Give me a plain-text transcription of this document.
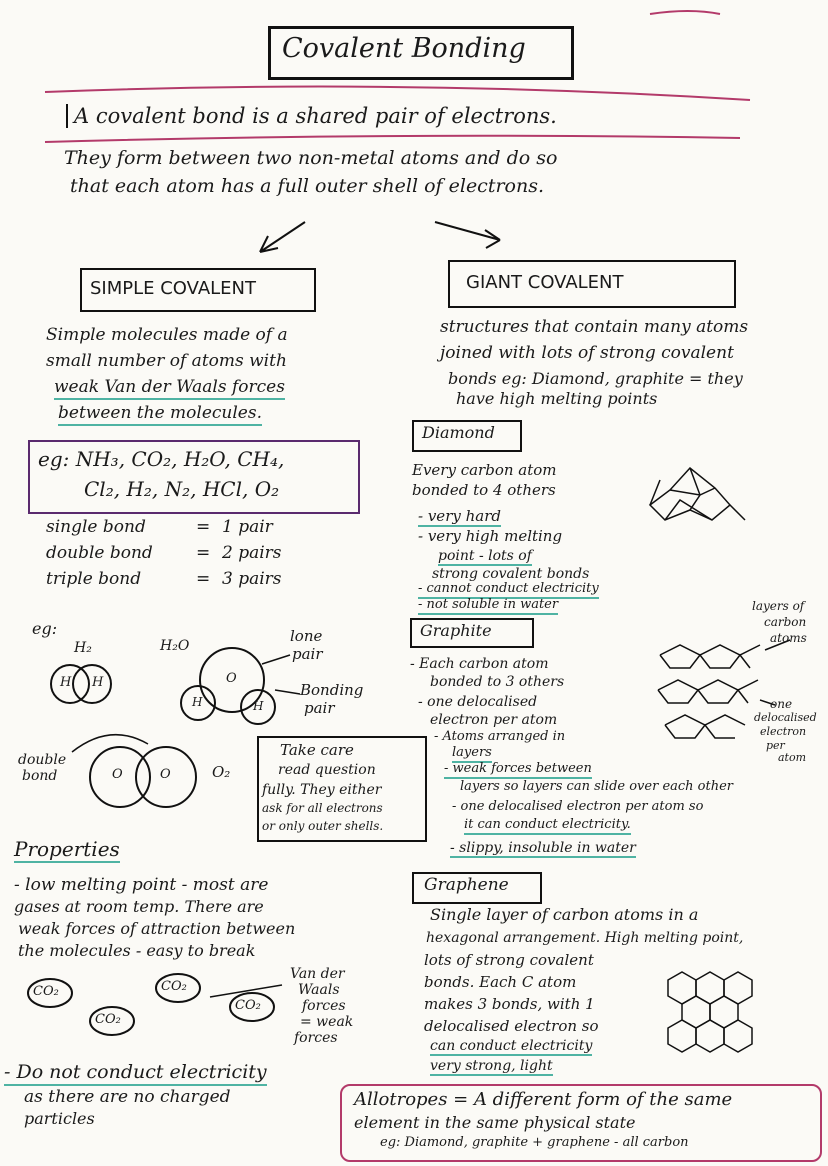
Covalent Bonding
A covalent bond is a shared pair of electrons.
They form between two non-metal atoms and do so
that each atom has a full outer shell of electrons.
SIMPLE COVALENT
Simple molecules made of a
small number of atoms with
weak Van der Waals forces
between the molecules.
eg: NH₃, CO₂, H₂O, CH₄,
Cl₂, H₂, N₂, HCl, O₂
single bond	= 1 pair
double bond	= 2 pairs
triple bond	= 3 pairs
eg:
H₂
H H
H₂O
O
H	H
lone
pair
Bonding
pair
double
bond	O	O	O₂
Take care
read question
fully. They either
ask for all electrons
or only outer shells.
Properties
- low melting point - most are
gases at room temp. There are
weak forces of attraction between
the molecules - easy to break
CO₂
CO₂
CO₂
CO₂
Van der
Waals
forces
= weak
forces
- Do not conduct electricity
as there are no charged
particles
GIANT COVALENT
structures that contain many atoms
joined with lots of strong covalent
bonds eg: Diamond, graphite = they
have high melting points
Diamond
Every carbon atom
bonded to 4 others
- very hard
- very high melting
point - lots of
strong covalent bonds
- cannot conduct electricity
- not soluble in water
Graphite
- Each carbon atom
bonded to 3 others
- one delocalised
electron per atom
- Atoms arranged in
layers
- weak forces between
layers so layers can slide over each other
- one delocalised electron per atom so
it can conduct electricity.
- slippy, insoluble in water
layers of
carbon
atoms
one
delocalised
electron
per
atom
Graphene
Single layer of carbon atoms in a
hexagonal arrangement. High melting point,
lots of strong covalent
bonds. Each C atom
makes 3 bonds, with 1
delocalised electron so
can conduct electricity
very strong, light
Allotropes = A different form of the same
element in the same physical state
eg: Diamond, graphite + graphene - all carbon
